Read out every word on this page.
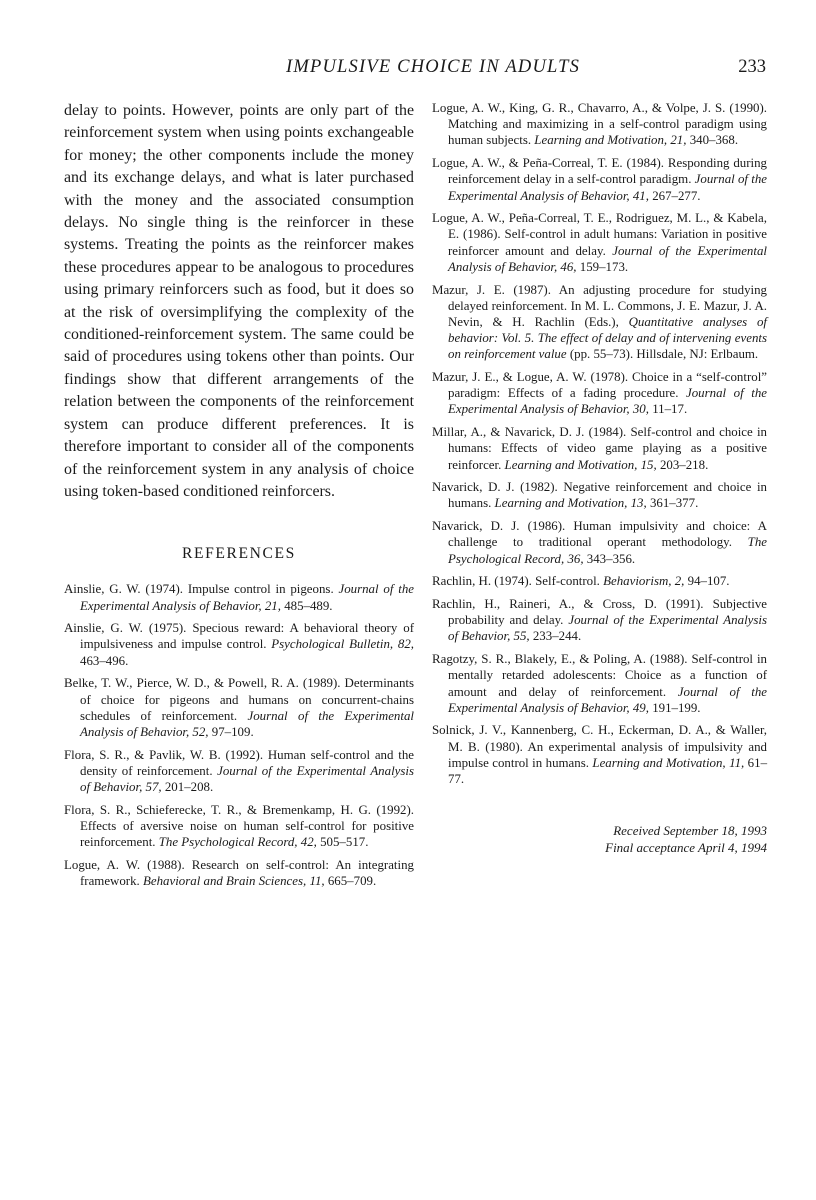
IMPULSIVE CHOICE IN ADULTS	233

delay to points. However, points are only part of the reinforcement system when using points exchangeable for money; the other components include the money and its exchange delays, and what is later purchased with the money and the associated consumption delays. No single thing is the reinforcer in these systems. Treating the points as the reinforcer makes these procedures appear to be analogous to procedures using primary reinforcers such as food, but it does so at the risk of oversimplifying the complexity of the conditioned-reinforcement system. The same could be said of procedures using tokens other than points. Our findings show that different arrangements of the relation between the components of the reinforcement system can produce different preferences. It is therefore important to consider all of the components of the reinforcement system in any analysis of choice using token-based conditioned reinforcers.

REFERENCES

Ainslie, G. W. (1974). Impulse control in pigeons. Journal of the Experimental Analysis of Behavior, 21, 485–489.

Ainslie, G. W. (1975). Specious reward: A behavioral theory of impulsiveness and impulse control. Psychological Bulletin, 82, 463–496.

Belke, T. W., Pierce, W. D., & Powell, R. A. (1989). Determinants of choice for pigeons and humans on concurrent-chains schedules of reinforcement. Journal of the Experimental Analysis of Behavior, 52, 97–109.

Flora, S. R., & Pavlik, W. B. (1992). Human self-control and the density of reinforcement. Journal of the Experimental Analysis of Behavior, 57, 201–208.

Flora, S. R., Schieferecke, T. R., & Bremenkamp, H. G. (1992). Effects of aversive noise on human self-control for positive reinforcement. The Psychological Record, 42, 505–517.

Logue, A. W. (1988). Research on self-control: An integrating framework. Behavioral and Brain Sciences, 11, 665–709.

Logue, A. W., King, G. R., Chavarro, A., & Volpe, J. S. (1990). Matching and maximizing in a self-control paradigm using human subjects. Learning and Motivation, 21, 340–368.

Logue, A. W., & Peña-Correal, T. E. (1984). Responding during reinforcement delay in a self-control paradigm. Journal of the Experimental Analysis of Behavior, 41, 267–277.

Logue, A. W., Peña-Correal, T. E., Rodriguez, M. L., & Kabela, E. (1986). Self-control in adult humans: Variation in positive reinforcer amount and delay. Journal of the Experimental Analysis of Behavior, 46, 159–173.

Mazur, J. E. (1987). An adjusting procedure for studying delayed reinforcement. In M. L. Commons, J. E. Mazur, J. A. Nevin, & H. Rachlin (Eds.), Quantitative analyses of behavior: Vol. 5. The effect of delay and of intervening events on reinforcement value (pp. 55–73). Hillsdale, NJ: Erlbaum.

Mazur, J. E., & Logue, A. W. (1978). Choice in a “self-control” paradigm: Effects of a fading procedure. Journal of the Experimental Analysis of Behavior, 30, 11–17.

Millar, A., & Navarick, D. J. (1984). Self-control and choice in humans: Effects of video game playing as a positive reinforcer. Learning and Motivation, 15, 203–218.

Navarick, D. J. (1982). Negative reinforcement and choice in humans. Learning and Motivation, 13, 361–377.

Navarick, D. J. (1986). Human impulsivity and choice: A challenge to traditional operant methodology. The Psychological Record, 36, 343–356.

Rachlin, H. (1974). Self-control. Behaviorism, 2, 94–107.

Rachlin, H., Raineri, A., & Cross, D. (1991). Subjective probability and delay. Journal of the Experimental Analysis of Behavior, 55, 233–244.

Ragotzy, S. R., Blakely, E., & Poling, A. (1988). Self-control in mentally retarded adolescents: Choice as a function of amount and delay of reinforcement. Journal of the Experimental Analysis of Behavior, 49, 191–199.

Solnick, J. V., Kannenberg, C. H., Eckerman, D. A., & Waller, M. B. (1980). An experimental analysis of impulsivity and impulse control in humans. Learning and Motivation, 11, 61–77.

Received September 18, 1993
Final acceptance April 4, 1994
